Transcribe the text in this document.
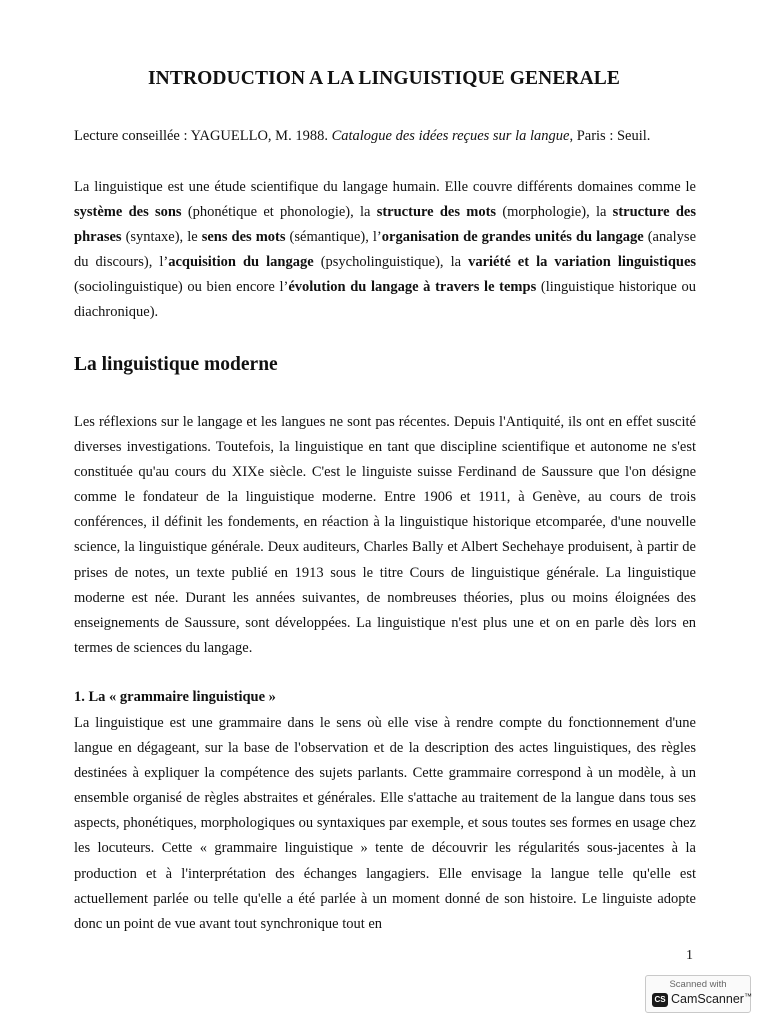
INTRODUCTION A LA LINGUISTIQUE GENERALE
Lecture conseillée : YAGUELLO, M. 1988. Catalogue des idées reçues sur la langue, Paris : Seuil.

La linguistique est une étude scientifique du langage humain. Elle couvre différents domaines comme le système des sons (phonétique et phonologie), la structure des mots (morphologie), la structure des phrases (syntaxe), le sens des mots (sémantique), l’organisation de grandes unités du langage (analyse du discours), l’acquisition du langage (psycholinguistique), la variété et la variation linguistiques (sociolinguistique) ou bien encore l’évolution du langage à travers le temps (linguistique historique ou diachronique).

La linguistique moderne

Les réflexions sur le langage et les langues ne sont pas récentes. Depuis l'Antiquité, ils ont en effet suscité diverses investigations. Toutefois, la linguistique en tant que discipline scientifique et autonome ne s'est constituée qu'au cours du XIXe siècle. C'est le linguiste suisse Ferdinand de Saussure que l'on désigne comme le fondateur de la linguistique moderne. Entre 1906 et 1911, à Genève, au cours de trois conférences, il définit les fondements, en réaction à la linguistique historique etcomparée, d'une nouvelle science, la linguistique générale. Deux auditeurs, Charles Bally et Albert Sechehaye produisent, à partir de prises de notes, un texte publié en 1913 sous le titre Cours de linguistique générale. La linguistique moderne est née. Durant les années suivantes, de nombreuses théories, plus ou moins éloignées des enseignements de Saussure, sont développées. La linguistique n'est plus une et on en parle dès lors en termes de sciences du langage.

1. La « grammaire linguistique »

La linguistique est une grammaire dans le sens où elle vise à rendre compte du fonctionnement d'une langue en dégageant, sur la base de l'observation et de la description des actes linguistiques, des règles destinées à expliquer la compétence des sujets parlants. Cette grammaire correspond à un modèle, à un ensemble organisé de règles abstraites et générales. Elle s'attache au traitement de la langue dans tous ses aspects, phonétiques, morphologiques ou syntaxiques par exemple, et sous toutes ses formes en usage chez les locuteurs. Cette « grammaire linguistique » tente de découvrir les régularités sous-jacentes à la production et à l'interprétation des échanges langagiers. Elle envisage la langue telle qu'elle est actuellement parlée ou telle qu'elle a été parlée à un moment donné de son histoire. Le linguiste adopte donc un point de vue avant tout synchronique tout en

1
Scanned with
CS CamScanner™
